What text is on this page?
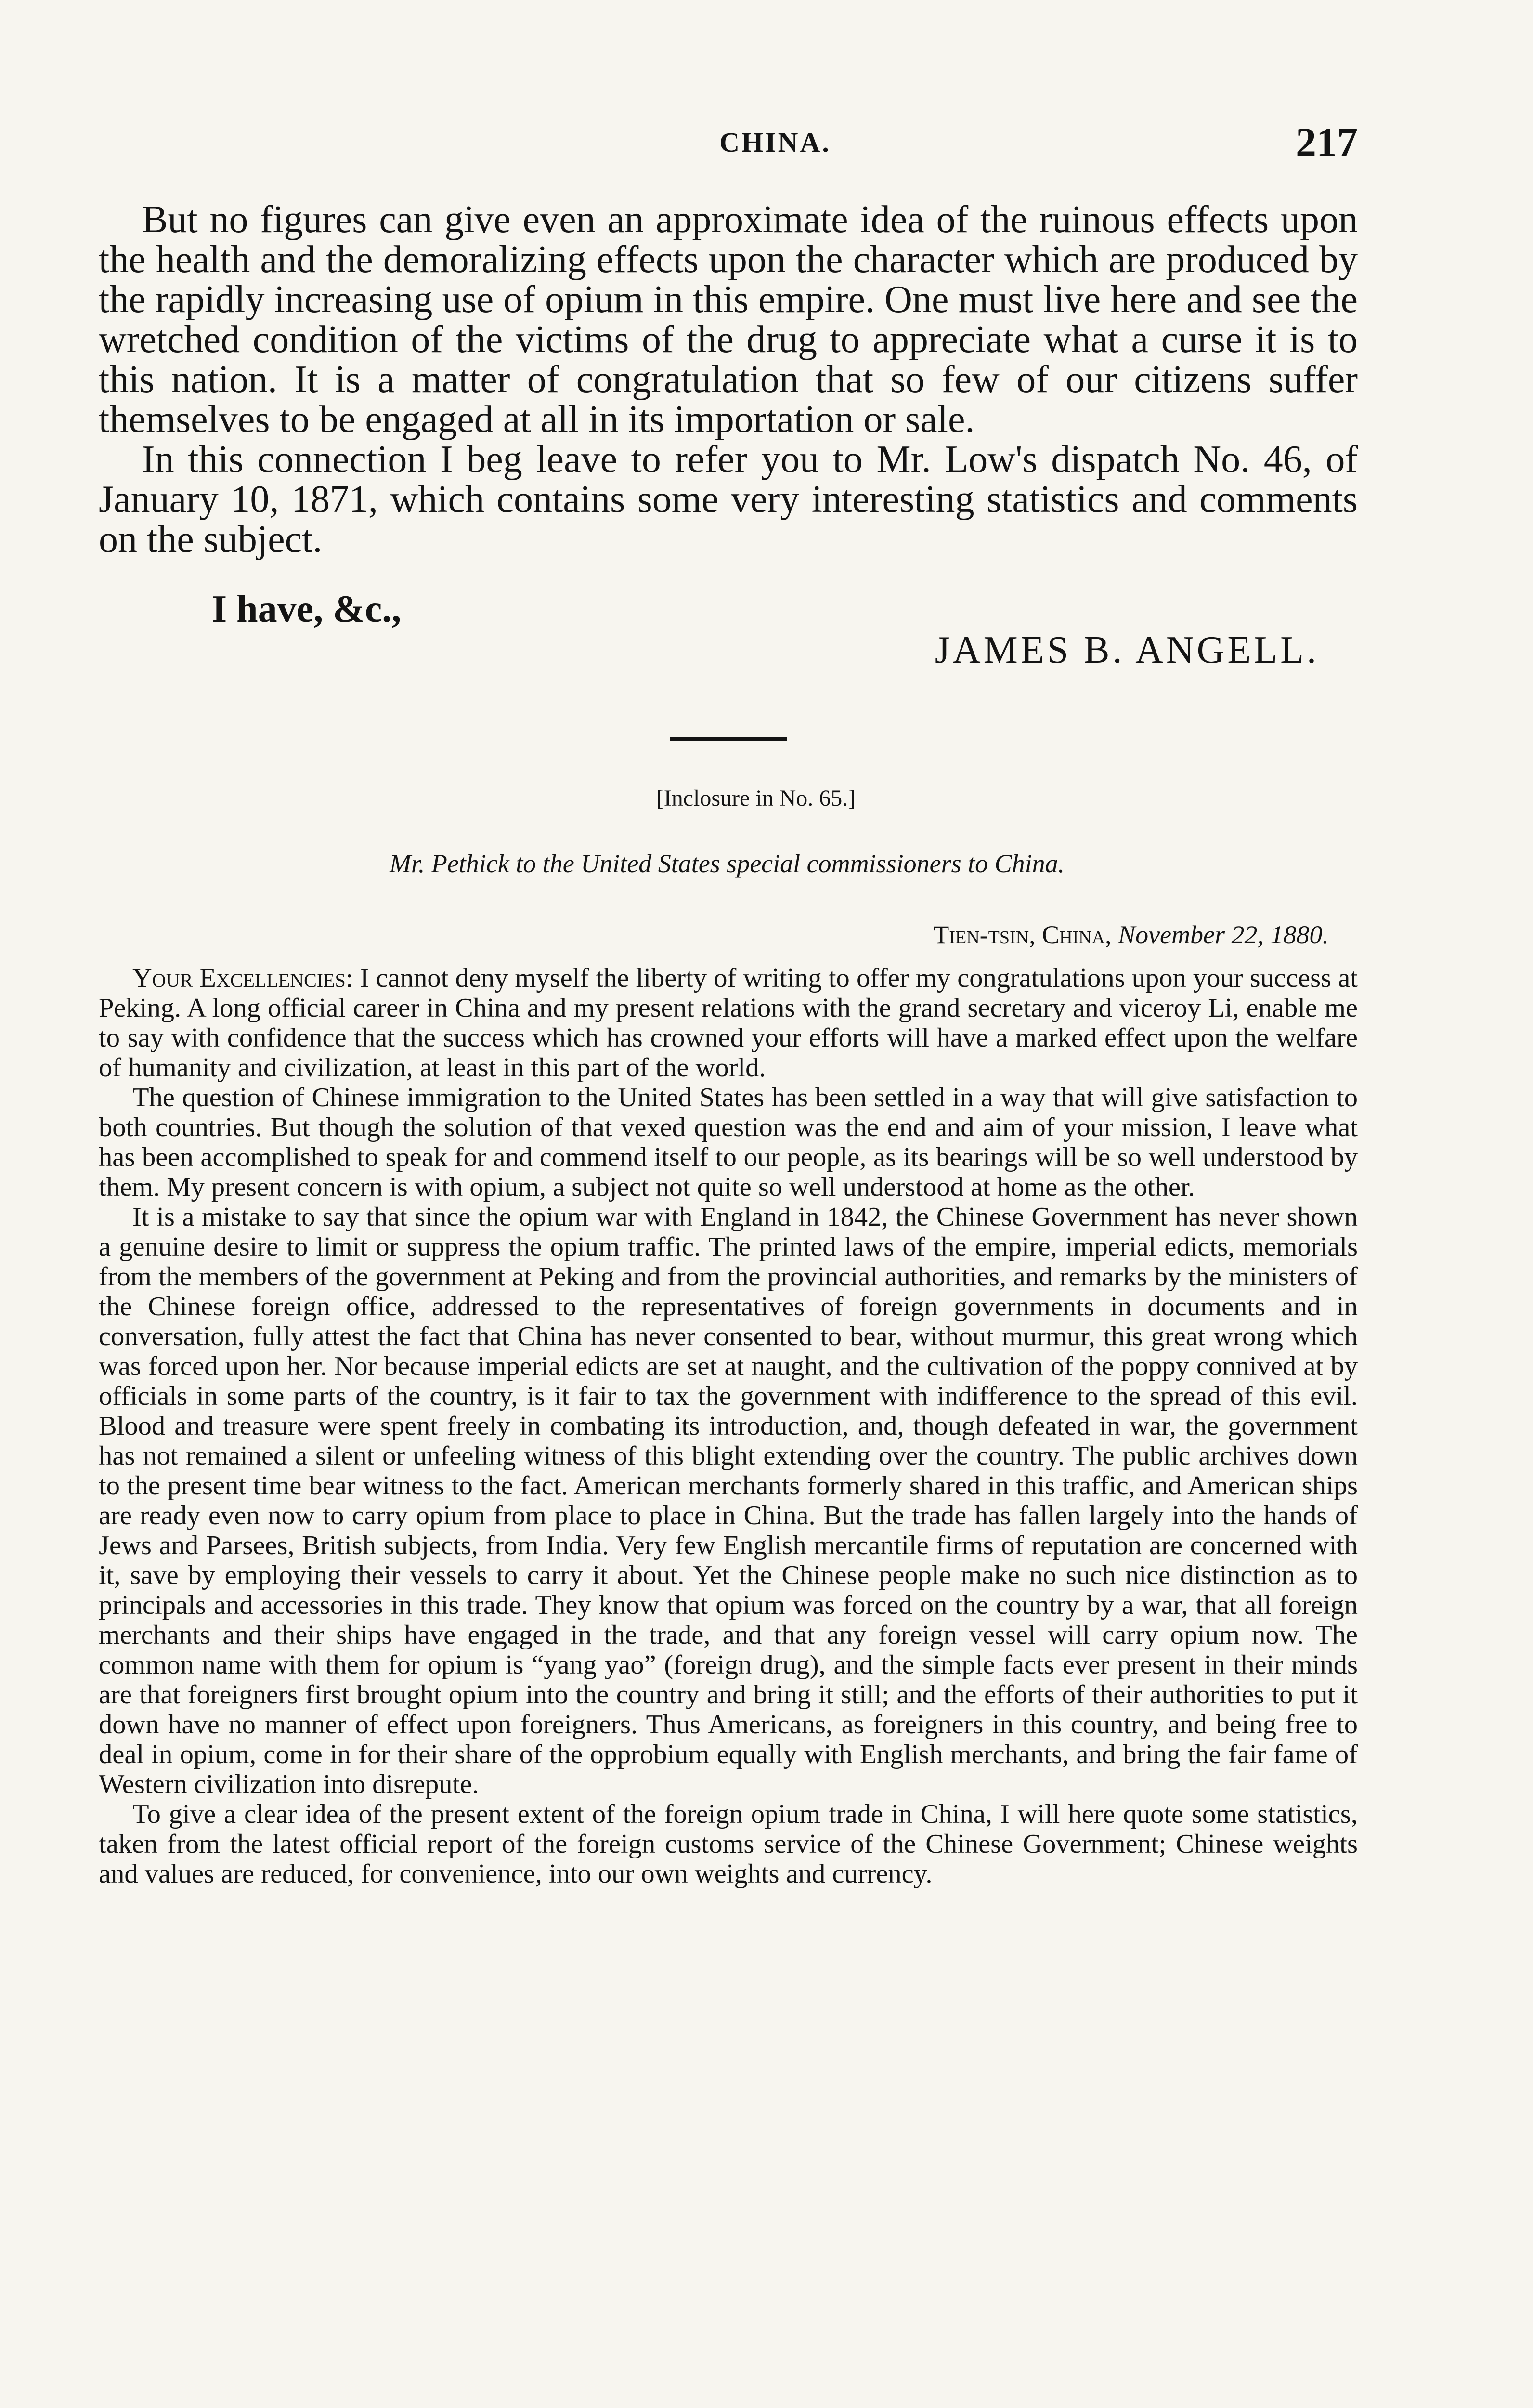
CHINA.	217

But no figures can give even an approximate idea of the ruinous effects upon the health and the demoralizing effects upon the character which are produced by the rapidly increasing use of opium in this empire. One must live here and see the wretched condition of the victims of the drug to appreciate what a curse it is to this nation. It is a matter of congratulation that so few of our citizens suffer themselves to be engaged at all in its importation or sale.

In this connection I beg leave to refer you to Mr. Low's dispatch No. 46, of January 10, 1871, which contains some very interesting statistics and comments on the subject.

I have, &c.,
JAMES B. ANGELL.
[Inclosure in No. 65.]
Mr. Pethick to the United States special commissioners to China.
Tien-tsin, China, November 22, 1880.

Your Excellencies: I cannot deny myself the liberty of writing to offer my congratulations upon your success at Peking. A long official career in China and my present relations with the grand secretary and viceroy Li, enable me to say with confidence that the success which has crowned your efforts will have a marked effect upon the welfare of humanity and civilization, at least in this part of the world.

The question of Chinese immigration to the United States has been settled in a way that will give satisfaction to both countries. But though the solution of that vexed question was the end and aim of your mission, I leave what has been accomplished to speak for and commend itself to our people, as its bearings will be so well understood by them. My present concern is with opium, a subject not quite so well understood at home as the other.

It is a mistake to say that since the opium war with England in 1842, the Chinese Government has never shown a genuine desire to limit or suppress the opium traffic. The printed laws of the empire, imperial edicts, memorials from the members of the government at Peking and from the provincial authorities, and remarks by the ministers of the Chinese foreign office, addressed to the representatives of foreign governments in documents and in conversation, fully attest the fact that China has never consented to bear, without murmur, this great wrong which was forced upon her. Nor because imperial edicts are set at naught, and the cultivation of the poppy connived at by officials in some parts of the country, is it fair to tax the government with indifference to the spread of this evil. Blood and treasure were spent freely in combating its introduction, and, though defeated in war, the government has not remained a silent or unfeeling witness of this blight extending over the country. The public archives down to the present time bear witness to the fact. American merchants formerly shared in this traffic, and American ships are ready even now to carry opium from place to place in China. But the trade has fallen largely into the hands of Jews and Parsees, British subjects, from India. Very few English mercantile firms of reputation are concerned with it, save by employing their vessels to carry it about. Yet the Chinese people make no such nice distinction as to principals and accessories in this trade. They know that opium was forced on the country by a war, that all foreign merchants and their ships have engaged in the trade, and that any foreign vessel will carry opium now. The common name with them for opium is “yang yao” (foreign drug), and the simple facts ever present in their minds are that foreigners first brought opium into the country and bring it still; and the efforts of their authorities to put it down have no manner of effect upon foreigners. Thus Americans, as foreigners in this country, and being free to deal in opium, come in for their share of the opprobium equally with English merchants, and bring the fair fame of Western civilization into disrepute.

To give a clear idea of the present extent of the foreign opium trade in China, I will here quote some statistics, taken from the latest official report of the foreign customs service of the Chinese Government; Chinese weights and values are reduced, for convenience, into our own weights and currency.
